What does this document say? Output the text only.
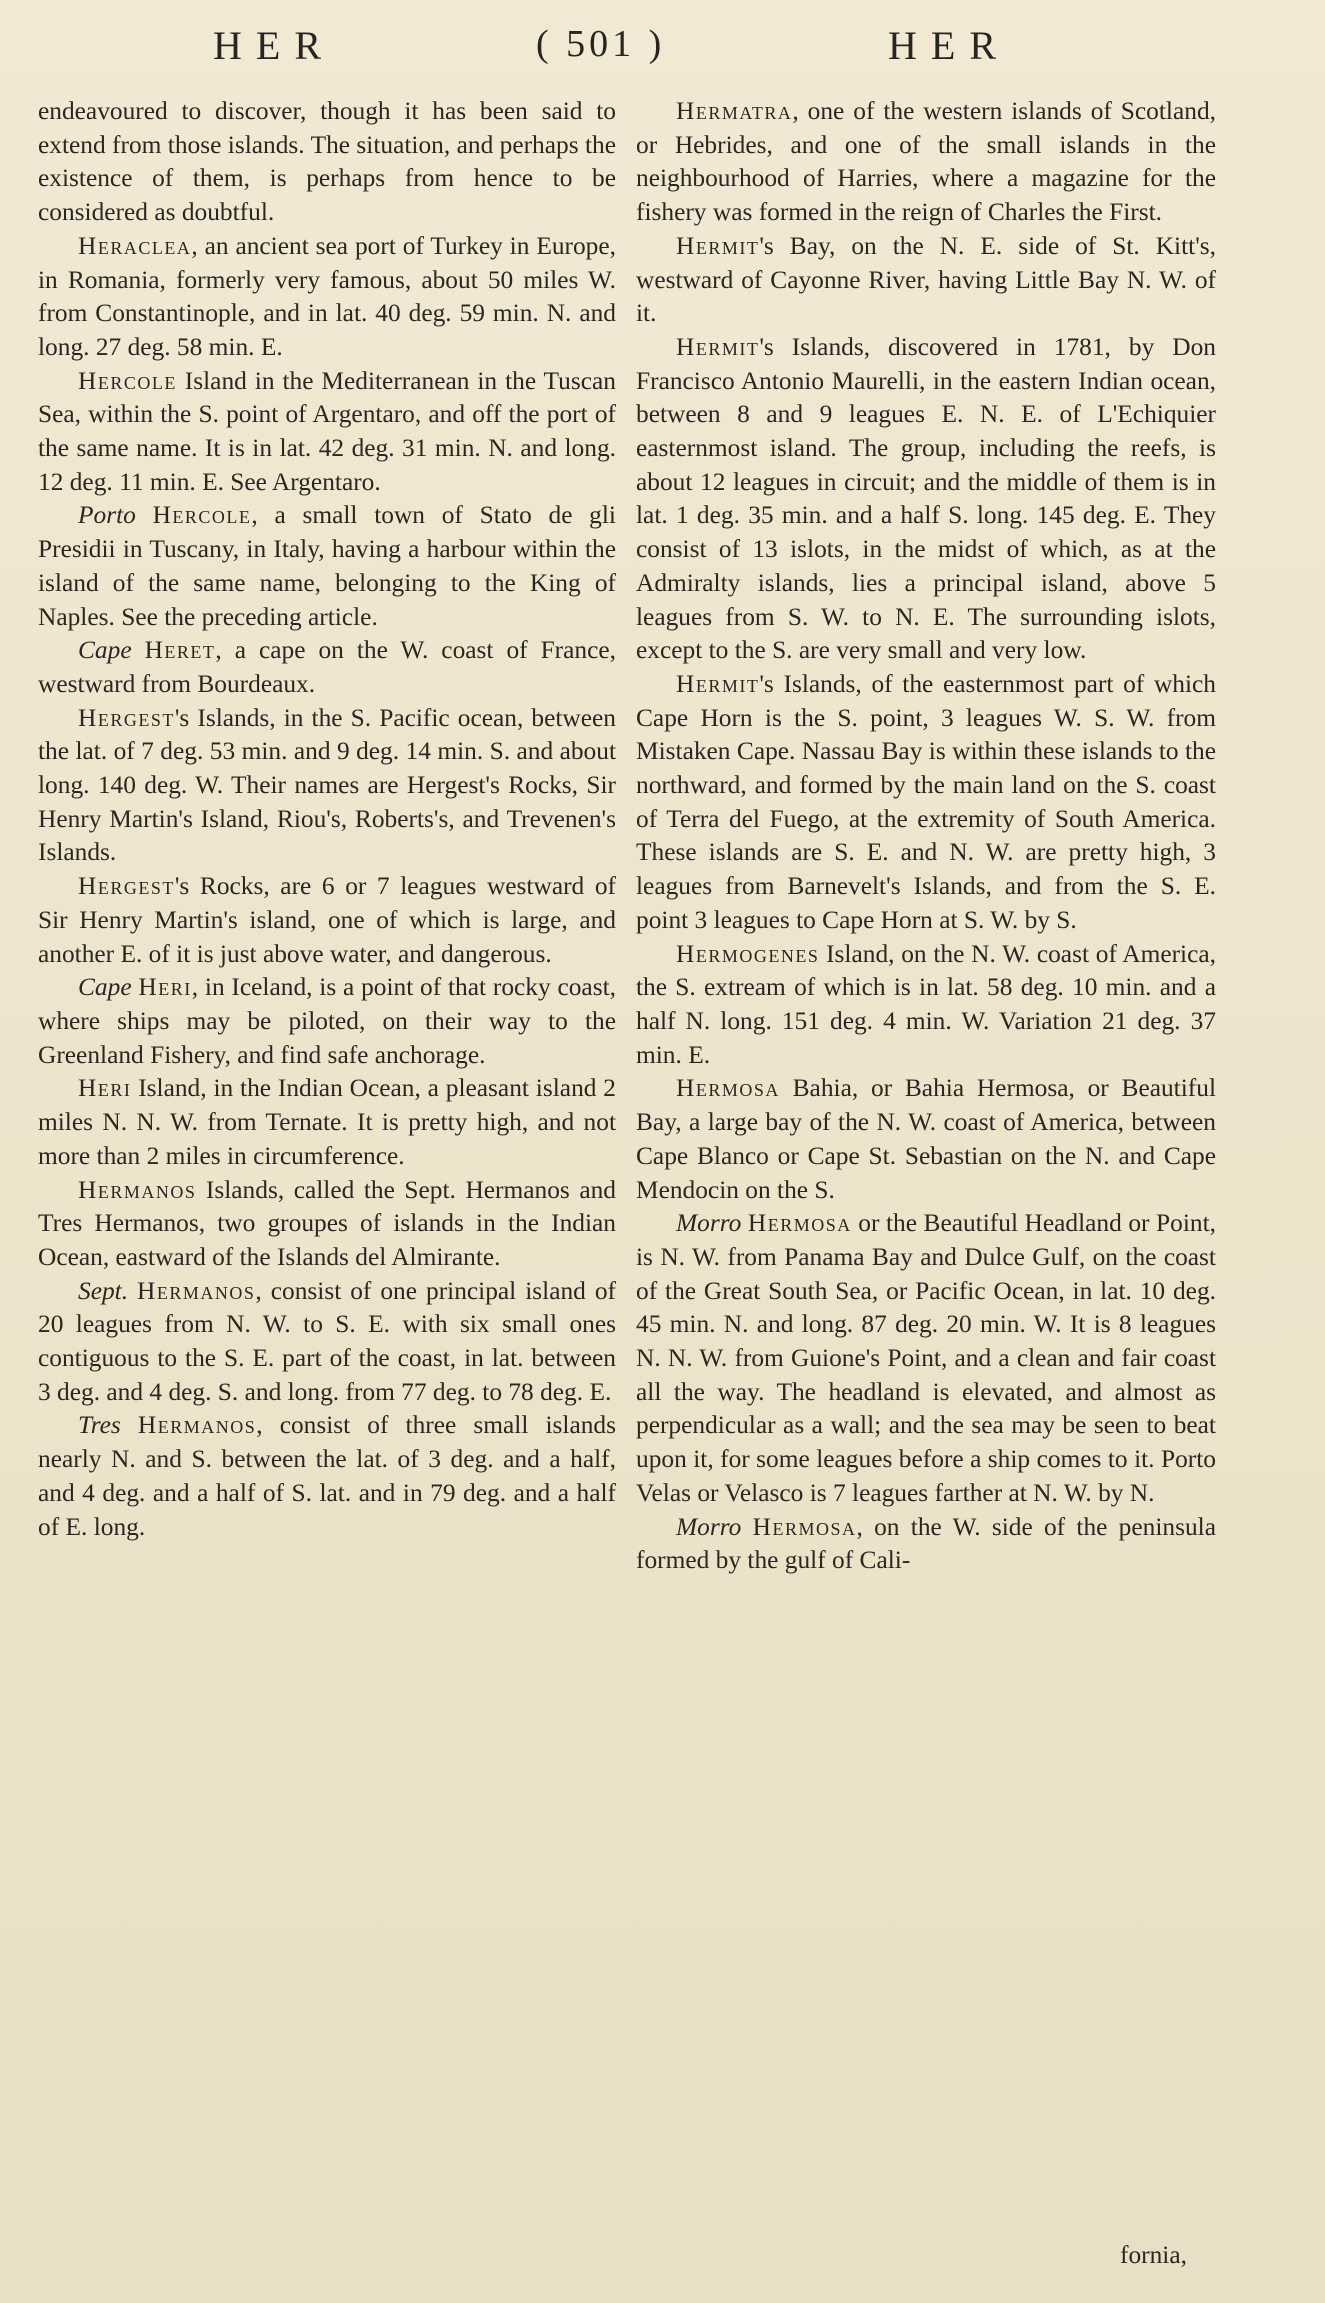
HER	( 501 )	HER

endeavoured to discover, though it has been said to extend from those islands. The situation, and perhaps the existence of them, is perhaps from hence to be considered as doubtful.

Heraclea, an ancient sea port of Turkey in Europe, in Romania, formerly very famous, about 50 miles W. from Constantinople, and in lat. 40 deg. 59 min. N. and long. 27 deg. 58 min. E.

Hercole Island in the Mediterranean in the Tuscan Sea, within the S. point of Argentaro, and off the port of the same name. It is in lat. 42 deg. 31 min. N. and long. 12 deg. 11 min. E. See Argentaro.

Porto Hercole, a small town of Stato de gli Presidii in Tuscany, in Italy, having a harbour within the island of the same name, belonging to the King of Naples. See the preceding article.

Cape Heret, a cape on the W. coast of France, westward from Bourdeaux.

Hergest's Islands, in the S. Pacific ocean, between the lat. of 7 deg. 53 min. and 9 deg. 14 min. S. and about long. 140 deg. W. Their names are Hergest's Rocks, Sir Henry Martin's Island, Riou's, Roberts's, and Trevenen's Islands.

Hergest's Rocks, are 6 or 7 leagues westward of Sir Henry Martin's island, one of which is large, and another E. of it is just above water, and dangerous.

Cape Heri, in Iceland, is a point of that rocky coast, where ships may be piloted, on their way to the Greenland Fishery, and find safe anchorage.

Heri Island, in the Indian Ocean, a pleasant island 2 miles N. N. W. from Ternate. It is pretty high, and not more than 2 miles in circumference.

Hermanos Islands, called the Sept. Hermanos and Tres Hermanos, two groupes of islands in the Indian Ocean, eastward of the Islands del Almirante.

Sept. Hermanos, consist of one principal island of 20 leagues from N. W. to S. E. with six small ones contiguous to the S. E. part of the coast, in lat. between 3 deg. and 4 deg. S. and long. from 77 deg. to 78 deg. E.

Tres Hermanos, consist of three small islands nearly N. and S. between the lat. of 3 deg. and a half, and 4 deg. and a half of S. lat. and in 79 deg. and a half of E. long.

Hermatra, one of the western islands of Scotland, or Hebrides, and one of the small islands in the neighbourhood of Harries, where a magazine for the fishery was formed in the reign of Charles the First.

Hermit's Bay, on the N. E. side of St. Kitt's, westward of Cayonne River, having Little Bay N. W. of it.

Hermit's Islands, discovered in 1781, by Don Francisco Antonio Maurelli, in the eastern Indian ocean, between 8 and 9 leagues E. N. E. of L'Echiquier easternmost island. The group, including the reefs, is about 12 leagues in circuit; and the middle of them is in lat. 1 deg. 35 min. and a half S. long. 145 deg. E. They consist of 13 islots, in the midst of which, as at the Admiralty islands, lies a principal island, above 5 leagues from S. W. to N. E. The surrounding islots, except to the S. are very small and very low.

Hermit's Islands, of the easternmost part of which Cape Horn is the S. point, 3 leagues W. S. W. from Mistaken Cape. Nassau Bay is within these islands to the northward, and formed by the main land on the S. coast of Terra del Fuego, at the extremity of South America. These islands are S. E. and N. W. are pretty high, 3 leagues from Barnevelt's Islands, and from the S. E. point 3 leagues to Cape Horn at S. W. by S.

Hermogenes Island, on the N. W. coast of America, the S. extream of which is in lat. 58 deg. 10 min. and a half N. long. 151 deg. 4 min. W. Variation 21 deg. 37 min. E.

Hermosa Bahia, or Bahia Hermosa, or Beautiful Bay, a large bay of the N. W. coast of America, between Cape Blanco or Cape St. Sebastian on the N. and Cape Mendocin on the S.

Morro Hermosa or the Beautiful Headland or Point, is N. W. from Panama Bay and Dulce Gulf, on the coast of the Great South Sea, or Pacific Ocean, in lat. 10 deg. 45 min. N. and long. 87 deg. 20 min. W. It is 8 leagues N. N. W. from Guione's Point, and a clean and fair coast all the way. The headland is elevated, and almost as perpendicular as a wall; and the sea may be seen to beat upon it, for some leagues before a ship comes to it. Porto Velas or Velasco is 7 leagues farther at N. W. by N.

Morro Hermosa, on the W. side of the peninsula formed by the gulf of Cali-

fornia,
